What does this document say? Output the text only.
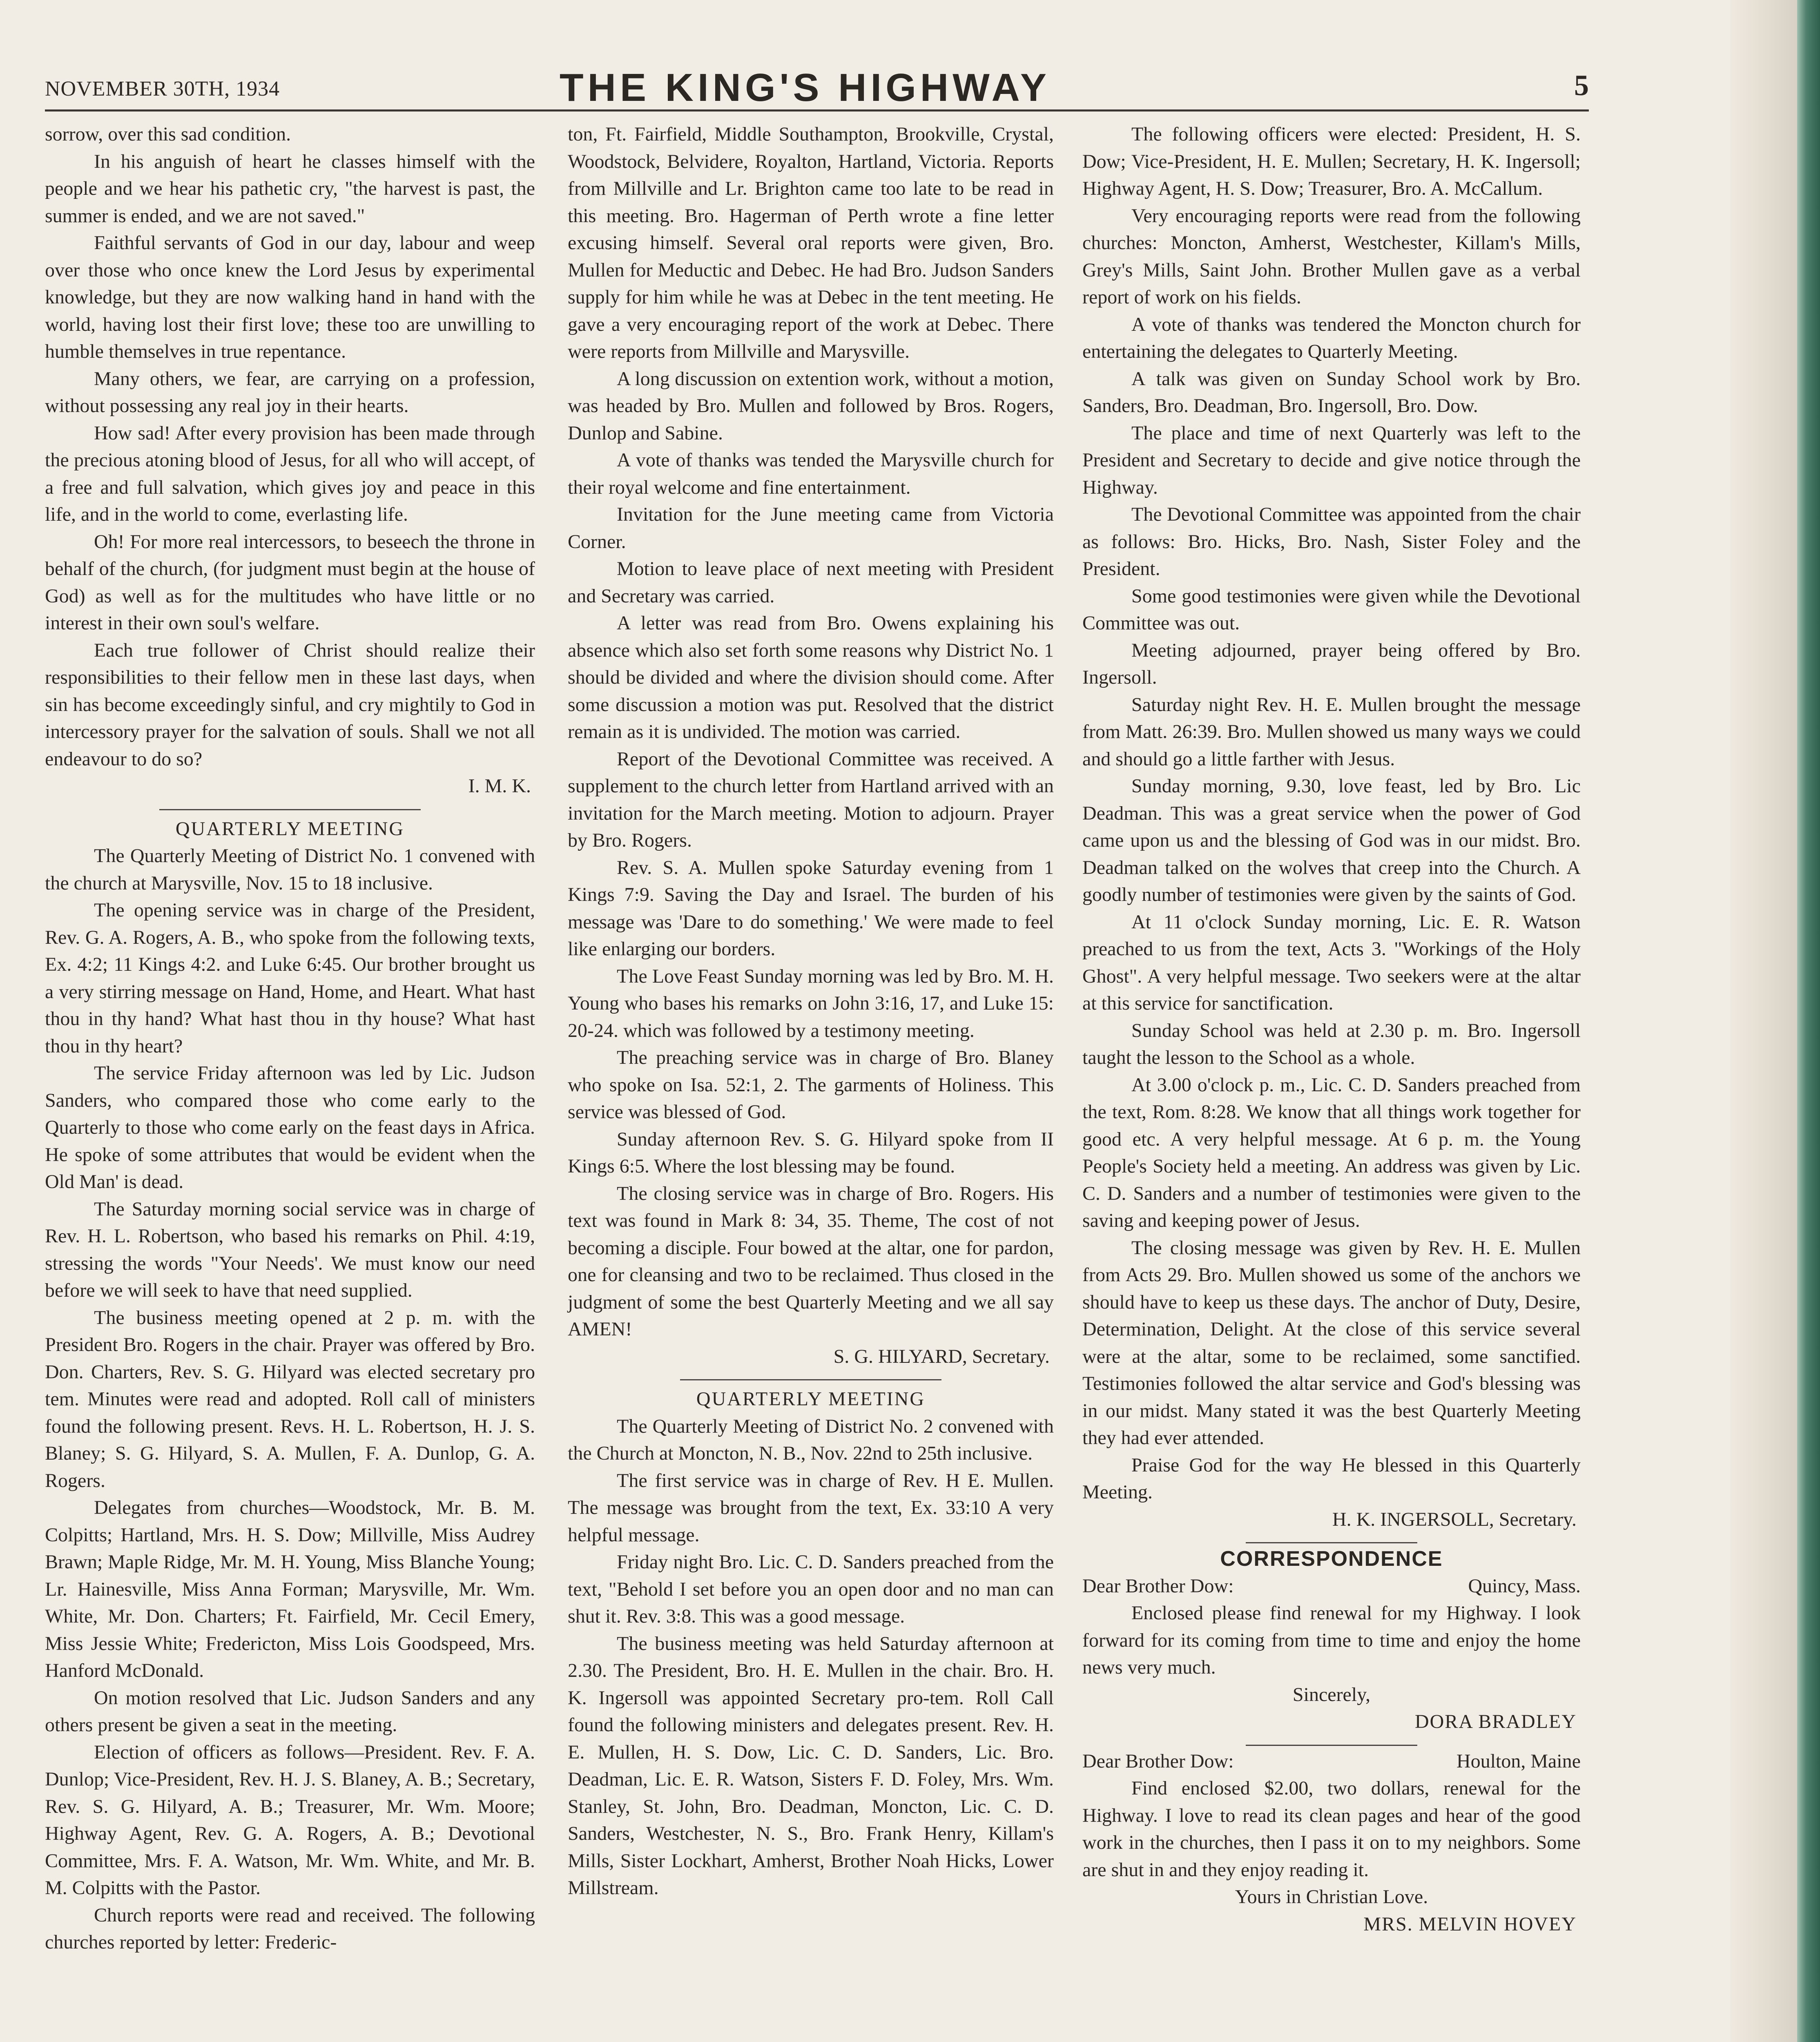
NOVEMBER 30TH, 1934	THE KING'S HIGHWAY	5

sorrow, over this sad condition.

In his anguish of heart he classes himself with the people and we hear his pathetic cry, "the harvest is past, the summer is ended, and we are not saved."

Faithful servants of God in our day, labour and weep over those who once knew the Lord Jesus by experimental knowledge, but they are now walking hand in hand with the world, having lost their first love; these too are unwilling to humble themselves in true repentance.

Many others, we fear, are carrying on a profession, without possessing any real joy in their hearts.

How sad! After every provision has been made through the precious atoning blood of Jesus, for all who will accept, of a free and full salvation, which gives joy and peace in this life, and in the world to come, everlasting life.

Oh! For more real intercessors, to beseech the throne in behalf of the church, (for judgment must begin at the house of God) as well as for the multitudes who have little or no interest in their own soul's welfare.

Each true follower of Christ should realize their responsibilities to their fellow men in these last days, when sin has become exceedingly sinful, and cry mightily to God in intercessory prayer for the salvation of souls. Shall we not all endeavour to do so?

I. M. K.

QUARTERLY MEETING

The Quarterly Meeting of District No. 1 convened with the church at Marysville, Nov. 15 to 18 inclusive.

The opening service was in charge of the President, Rev. G. A. Rogers, A. B., who spoke from the following texts, Ex. 4:2; 11 Kings 4:2. and Luke 6:45. Our brother brought us a very stirring message on Hand, Home, and Heart. What hast thou in thy hand? What hast thou in thy house? What hast thou in thy heart?

The service Friday afternoon was led by Lic. Judson Sanders, who compared those who come early to the Quarterly to those who come early on the feast days in Africa. He spoke of some attributes that would be evident when the Old Man' is dead.

The Saturday morning social service was in charge of Rev. H. L. Robertson, who based his remarks on Phil. 4:19, stressing the words "Your Needs'. We must know our need before we will seek to have that need supplied.

The business meeting opened at 2 p. m. with the President Bro. Rogers in the chair. Prayer was offered by Bro. Don. Charters, Rev. S. G. Hilyard was elected secretary pro tem. Minutes were read and adopted. Roll call of ministers found the following present. Revs. H. L. Robertson, H. J. S. Blaney; S. G. Hilyard, S. A. Mullen, F. A. Dunlop, G. A. Rogers.

Delegates from churches—Woodstock, Mr. B. M. Colpitts; Hartland, Mrs. H. S. Dow; Millville, Miss Audrey Brawn; Maple Ridge, Mr. M. H. Young, Miss Blanche Young; Lr. Hainesville, Miss Anna Forman; Marysville, Mr. Wm. White, Mr. Don. Charters; Ft. Fairfield, Mr. Cecil Emery, Miss Jessie White; Fredericton, Miss Lois Goodspeed, Mrs. Hanford McDonald.

On motion resolved that Lic. Judson Sanders and any others present be given a seat in the meeting.

Election of officers as follows—President. Rev. F. A. Dunlop; Vice-President, Rev. H. J. S. Blaney, A. B.; Secretary, Rev. S. G. Hilyard, A. B.; Treasurer, Mr. Wm. Moore; Highway Agent, Rev. G. A. Rogers, A. B.; Devotional Committee, Mrs. F. A. Watson, Mr. Wm. White, and Mr. B. M. Colpitts with the Pastor.

Church reports were read and received. The following churches reported by letter: Frederic-

ton, Ft. Fairfield, Middle Southampton, Brookville, Crystal, Woodstock, Belvidere, Royalton, Hartland, Victoria. Reports from Millville and Lr. Brighton came too late to be read in this meeting. Bro. Hagerman of Perth wrote a fine letter excusing himself. Several oral reports were given, Bro. Mullen for Meductic and Debec. He had Bro. Judson Sanders supply for him while he was at Debec in the tent meeting. He gave a very encouraging report of the work at Debec. There were reports from Millville and Marysville.

A long discussion on extention work, without a motion, was headed by Bro. Mullen and followed by Bros. Rogers, Dunlop and Sabine.

A vote of thanks was tended the Marysville church for their royal welcome and fine entertainment.

Invitation for the June meeting came from Victoria Corner.

Motion to leave place of next meeting with President and Secretary was carried.

A letter was read from Bro. Owens explaining his absence which also set forth some reasons why District No. 1 should be divided and where the division should come. After some discussion a motion was put. Resolved that the district remain as it is undivided. The motion was carried.

Report of the Devotional Committee was received. A supplement to the church letter from Hartland arrived with an invitation for the March meeting. Motion to adjourn. Prayer by Bro. Rogers.

Rev. S. A. Mullen spoke Saturday evening from 1 Kings 7:9. Saving the Day and Israel. The burden of his message was 'Dare to do something.' We were made to feel like enlarging our borders.

The Love Feast Sunday morning was led by Bro. M. H. Young who bases his remarks on John 3:16, 17, and Luke 15: 20-24. which was followed by a testimony meeting.

The preaching service was in charge of Bro. Blaney who spoke on Isa. 52:1, 2. The garments of Holiness. This service was blessed of God.

Sunday afternoon Rev. S. G. Hilyard spoke from II Kings 6:5. Where the lost blessing may be found.

The closing service was in charge of Bro. Rogers. His text was found in Mark 8: 34, 35. Theme, The cost of not becoming a disciple. Four bowed at the altar, one for pardon, one for cleansing and two to be reclaimed. Thus closed in the judgment of some the best Quarterly Meeting and we all say AMEN!

S. G. HILYARD, Secretary.

QUARTERLY MEETING

The Quarterly Meeting of District No. 2 convened with the Church at Moncton, N. B., Nov. 22nd to 25th inclusive.

The first service was in charge of Rev. H E. Mullen. The message was brought from the text, Ex. 33:10 A very helpful message.

Friday night Bro. Lic. C. D. Sanders preached from the text, "Behold I set before you an open door and no man can shut it. Rev. 3:8. This was a good message.

The business meeting was held Saturday afternoon at 2.30. The President, Bro. H. E. Mullen in the chair. Bro. H. K. Ingersoll was appointed Secretary pro-tem. Roll Call found the following ministers and delegates present. Rev. H. E. Mullen, H. S. Dow, Lic. C. D. Sanders, Lic. Bro. Deadman, Lic. E. R. Watson, Sisters F. D. Foley, Mrs. Wm. Stanley, St. John, Bro. Deadman, Moncton, Lic. C. D. Sanders, Westchester, N. S., Bro. Frank Henry, Killam's Mills, Sister Lockhart, Amherst, Brother Noah Hicks, Lower Millstream.

The following officers were elected: President, H. S. Dow; Vice-President, H. E. Mullen; Secretary, H. K. Ingersoll; Highway Agent, H. S. Dow; Treasurer, Bro. A. McCallum.

Very encouraging reports were read from the following churches: Moncton, Amherst, Westchester, Killam's Mills, Grey's Mills, Saint John. Brother Mullen gave as a verbal report of work on his fields.

A vote of thanks was tendered the Moncton church for entertaining the delegates to Quarterly Meeting.

A talk was given on Sunday School work by Bro. Sanders, Bro. Deadman, Bro. Ingersoll, Bro. Dow.

The place and time of next Quarterly was left to the President and Secretary to decide and give notice through the Highway.

The Devotional Committee was appointed from the chair as follows: Bro. Hicks, Bro. Nash, Sister Foley and the President.

Some good testimonies were given while the Devotional Committee was out.

Meeting adjourned, prayer being offered by Bro. Ingersoll.

Saturday night Rev. H. E. Mullen brought the message from Matt. 26:39. Bro. Mullen showed us many ways we could and should go a little farther with Jesus.

Sunday morning, 9.30, love feast, led by Bro. Lic Deadman. This was a great service when the power of God came upon us and the blessing of God was in our midst. Bro. Deadman talked on the wolves that creep into the Church. A goodly number of testimonies were given by the saints of God.

At 11 o'clock Sunday morning, Lic. E. R. Watson preached to us from the text, Acts 3. "Workings of the Holy Ghost". A very helpful message. Two seekers were at the altar at this service for sanctification.

Sunday School was held at 2.30 p. m. Bro. Ingersoll taught the lesson to the School as a whole.

At 3.00 o'clock p. m., Lic. C. D. Sanders preached from the text, Rom. 8:28. We know that all things work together for good etc. A very helpful message. At 6 p. m. the Young People's Society held a meeting. An address was given by Lic. C. D. Sanders and a number of testimonies were given to the saving and keeping power of Jesus.

The closing message was given by Rev. H. E. Mullen from Acts 29. Bro. Mullen showed us some of the anchors we should have to keep us these days. The anchor of Duty, Desire, Determination, Delight. At the close of this service several were at the altar, some to be reclaimed, some sanctified. Testimonies followed the altar service and God's blessing was in our midst. Many stated it was the best Quarterly Meeting they had ever attended.

Praise God for the way He blessed in this Quarterly Meeting.

H. K. INGERSOLL, Secretary.

CORRESPONDENCE

Dear Brother Dow:	Quincy, Mass.

Enclosed please find renewal for my Highway. I look forward for its coming from time to time and enjoy the home news very much.

Sincerely,

DORA BRADLEY

Dear Brother Dow:	Houlton, Maine

Find enclosed $2.00, two dollars, renewal for the Highway. I love to read its clean pages and hear of the good work in the churches, then I pass it on to my neighbors. Some are shut in and they enjoy reading it.

Yours in Christian Love.

MRS. MELVIN HOVEY
